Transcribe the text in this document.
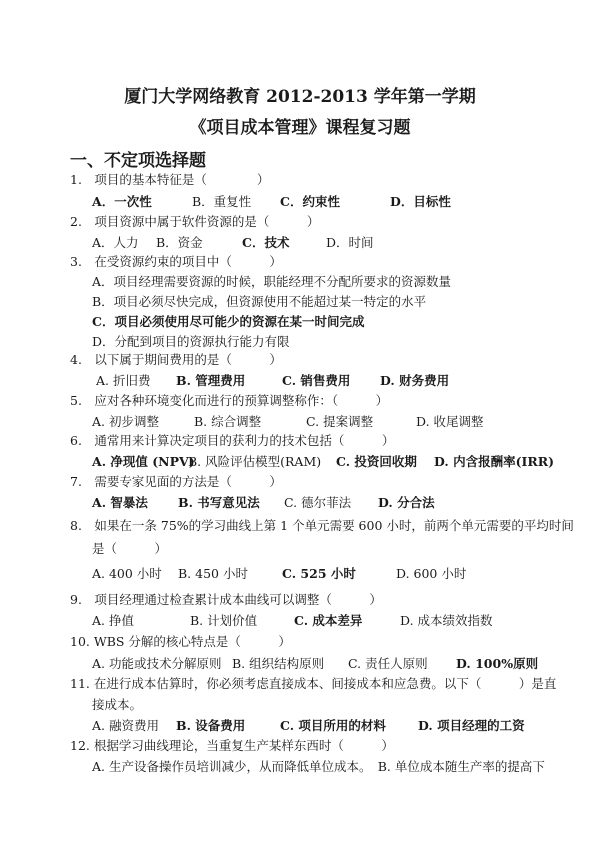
厦门大学网络教育 2012-2013 学年第一学期
《项目成本管理》课程复习题
一、不定项选择题
1.　项目的基本特征是（　　　　）
A．一次性	B．重复性 C．约束性	D．目标性
2.　项目资源中属于软件资源的是（　　　）
A．人力 B．资金	C．技术	D．时间
3.　在受资源约束的项目中（　　　）
A．项目经理需要资源的时候，职能经理不分配所要求的资源数量
B．项目必须尽快完成，但资源使用不能超过某一特定的水平
C．项目必须使用尽可能少的资源在某一时间完成
D．分配到项目的资源执行能力有限
4.　以下属于期间费用的是（　　　）
A. 折旧费 B. 管理费用	C. 销售费用 D. 财务费用
5.　应对各种环境变化而进行的预算调整称作：（　　　）
A. 初步调整	B. 综合调整	C. 提案调整	D. 收尾调整
6.　通常用来计算决定项目的获利力的技术包括（　　　）
A. 净现值 (NPV)B. 风险评估模型(RAM) C. 投资回收期 D. 内含报酬率(IRR)
7.　需要专家见面的方法是（　　　）
A. 智暴法 B. 书写意见法 C. 德尔菲法 D. 分合法
8.　如果在一条 75%的学习曲线上第 1 个单元需要 600 小时，前两个单元需要的平均时间
是（　　　）
A. 400 小时 B. 450 小时	C. 525 小时	D. 600 小时
9.　项目经理通过检查累计成本曲线可以调整（　　　）
A. 挣值	B. 计划价值	C. 成本差异	D. 成本绩效指数
10. WBS 分解的核心特点是（　　　）
A. 功能或技术分解原则 B. 组织结构原则 C. 责任人原则 D. 100%原则
11. 在进行成本估算时，你必须考虑直接成本、间接成本和应急费。以下（　　　）是直
接成本。
A. 融资费用 B. 设备费用	C. 项目所用的材料	D. 项目经理的工资
12. 根据学习曲线理论，当重复生产某样东西时（　　　）
A. 生产设备操作员培训减少，从而降低单位成本。　B. 单位成本随生产率的提高下
